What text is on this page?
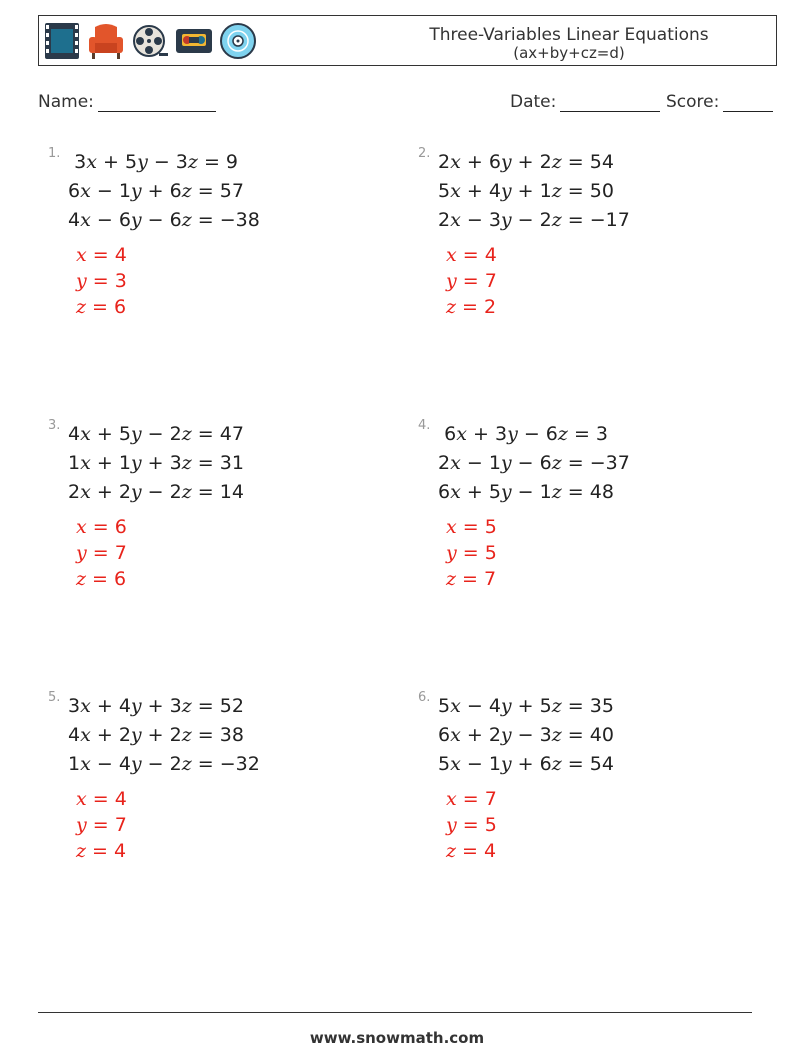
Three-Variables Linear Equations
(ax+by+cz=d)
Name:	Date:	Score:
1. 3x + 5y − 3z = 9
6x − 1y + 6z = 57
4x − 6y − 6z = −38
x = 4
y = 3
z = 6
2. 2x + 6y + 2z = 54
5x + 4y + 1z = 50
2x − 3y − 2z = −17
x = 4
y = 7
z = 2
3. 4x + 5y − 2z = 47
1x + 1y + 3z = 31
2x + 2y − 2z = 14
x = 6
y = 7
z = 6
4. 6x + 3y − 6z = 3
2x − 1y − 6z = −37
6x + 5y − 1z = 48
x = 5
y = 5
z = 7
5. 3x + 4y + 3z = 52
4x + 2y + 2z = 38
1x − 4y − 2z = −32
x = 4
y = 7
z = 4
6. 5x − 4y + 5z = 35
6x + 2y − 3z = 40
5x − 1y + 6z = 54
x = 7
y = 5
z = 4
www.snowmath.com
